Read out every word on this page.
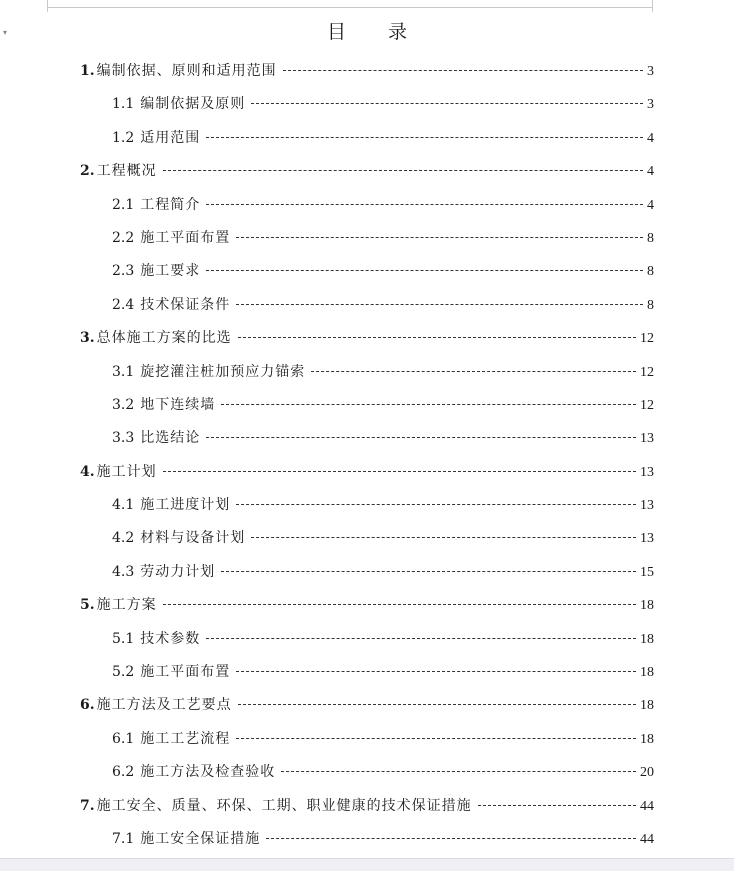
▾	目 录
1. 编制依据、原则和适用范围	3
1.1 编制依据及原则	3
1.2 适用范围	4
2. 工程概况	4
2.1 工程简介	4
2.2 施工平面布置	8
2.3 施工要求	8
2.4 技术保证条件	8
3. 总体施工方案的比选	12
3.1 旋挖灌注桩加预应力锚索	12
3.2 地下连续墙	12
3.3 比选结论	13
4. 施工计划	13
4.1 施工进度计划	13
4.2 材料与设备计划	13
4.3 劳动力计划	15
5. 施工方案	18
5.1 技术参数	18
5.2 施工平面布置	18
6. 施工方法及工艺要点	18
6.1 施工工艺流程	18
6.2 施工方法及检查验收	20
7. 施工安全、质量、环保、工期、职业健康的技术保证措施	44
7.1 施工安全保证措施	44
